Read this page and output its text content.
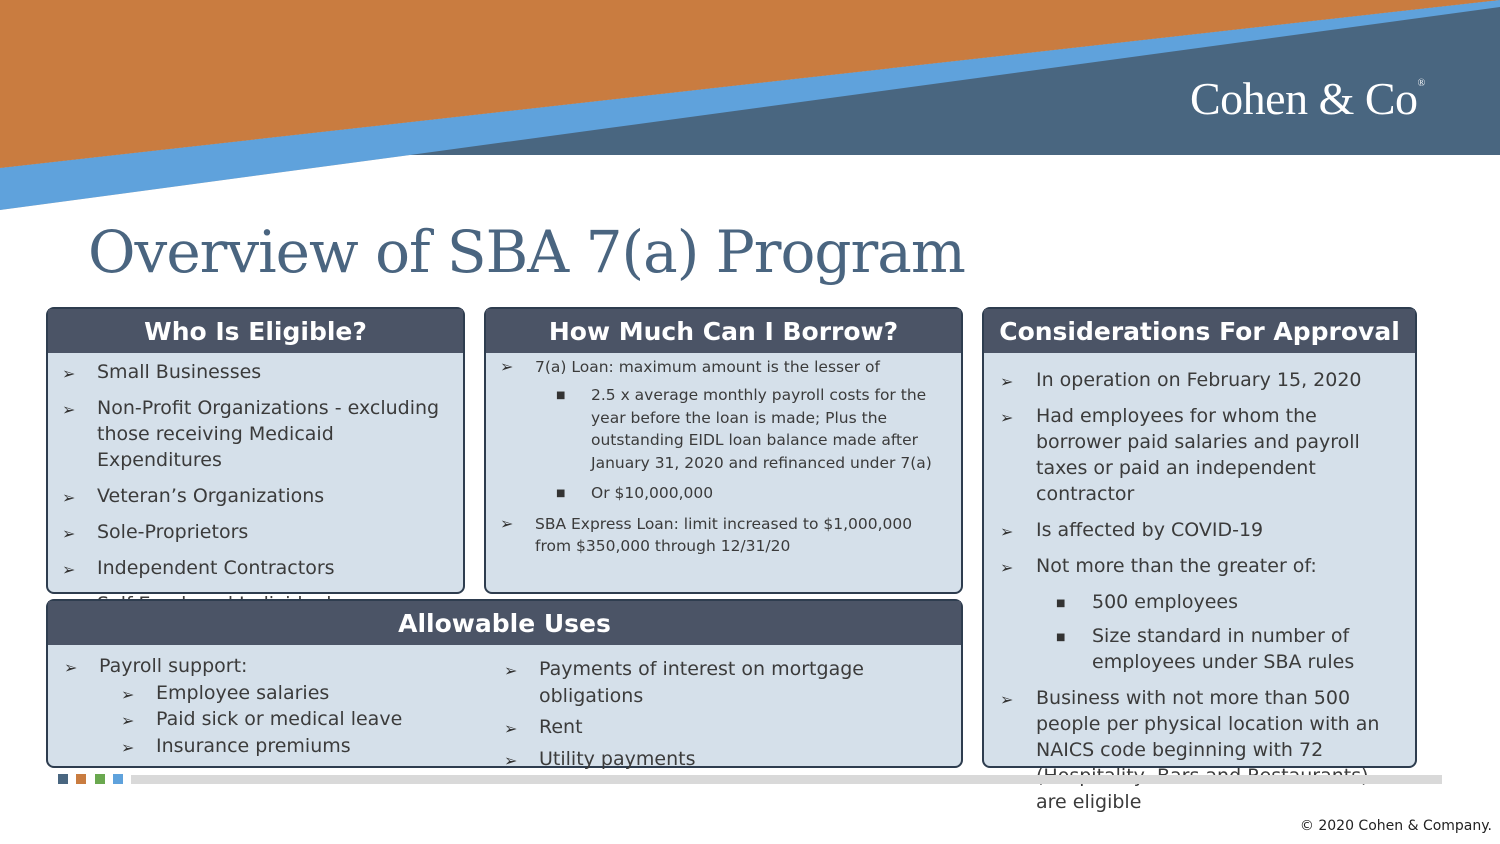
Cohen & Co®
Overview of SBA 7(a) Program
Who Is Eligible?
➢ Small Businesses
➢ Non-Profit Organizations - excluding those receiving Medicaid Expenditures
➢ Veteran’s Organizations
➢ Sole-Proprietors
➢ Independent Contractors
How Much Can I Borrow?
➢ 7(a) Loan: maximum amount is the lesser of
■ 2.5 x average monthly payroll costs for the year before the loan is made; Plus the outstanding EIDL loan balance made after January 31, 2020 and refinanced under 7(a)
■ Or $10,000,000
➢ SBA Express Loan: limit increased to $1,000,000 from $350,000 through 12/31/20
Considerations For Approval
➢ In operation on February 15, 2020
➢ Had employees for whom the borrower paid salaries and payroll taxes or paid an independent contractor
➢ Is affected by COVID-19
➢ Not more than the greater of:
■ 500 employees
■ Size standard in number of employees under SBA rules
➢ Business with not more than 500 people per physical location with an NAICS code beginning with 72 are eligible
Allowable Uses
➢ Payroll support:
➢ Employee salaries
➢ Paid sick or medical leave
➢ Insurance premiums
➢ Payments of interest on mortgage obligations
➢ Rent
➢ Utility payments
© 2020 Cohen & Company.
